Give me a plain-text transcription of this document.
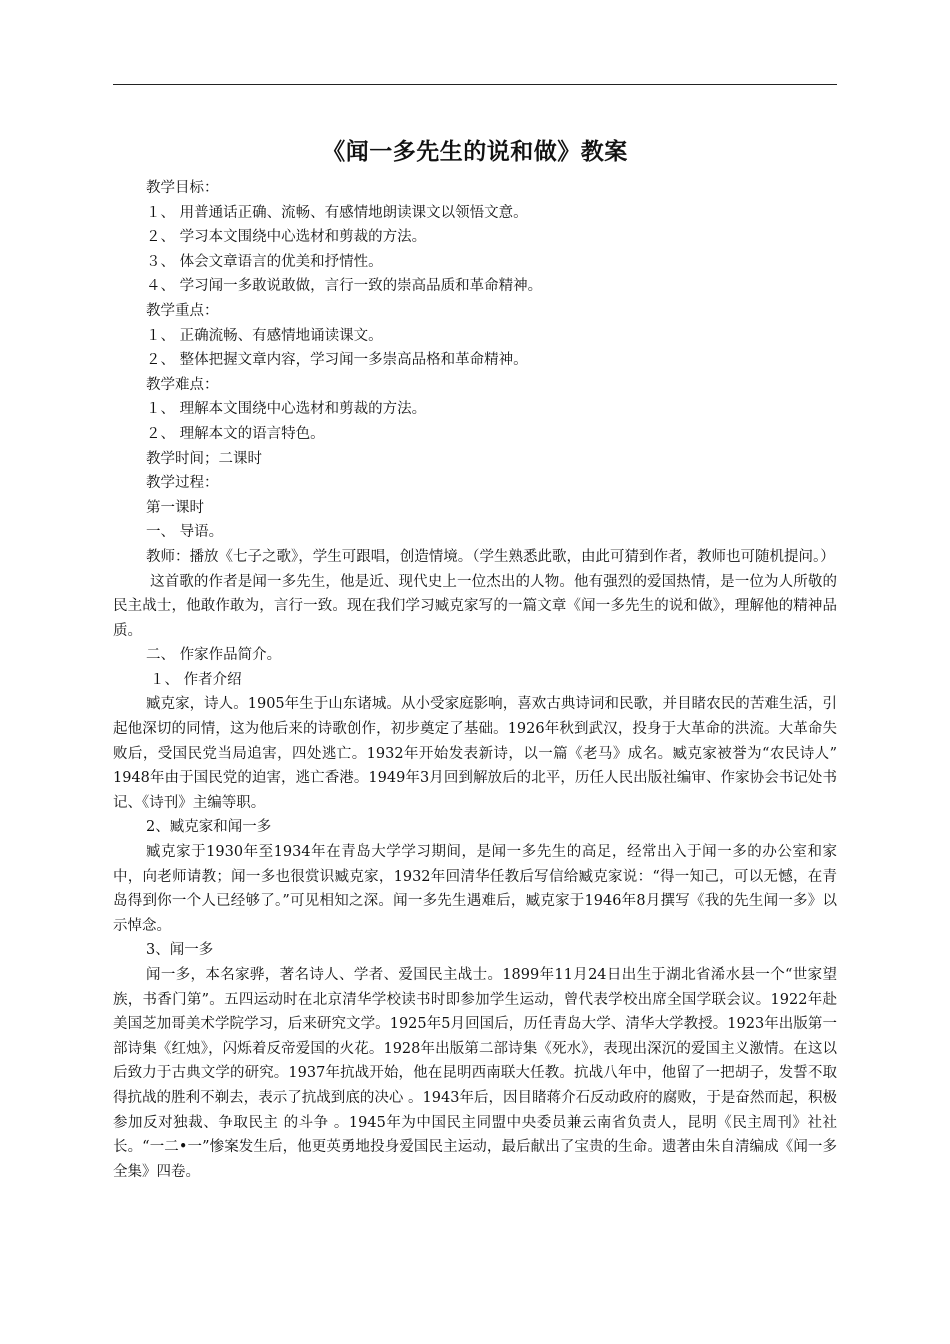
《闻一多先生的说和做》教案
教学目标：
１、 用普通话正确、流畅、有感情地朗读课文以领悟文意。
２、 学习本文围绕中心选材和剪裁的方法。
３、 体会文章语言的优美和抒情性。
４、 学习闻一多敢说敢做，言行一致的崇高品质和革命精神。
教学重点：
１、 正确流畅、有感情地诵读课文。
２、 整体把握文章内容，学习闻一多崇高品格和革命精神。
教学难点：
１、 理解本文围绕中心选材和剪裁的方法。
２、 理解本文的语言特色。
教学时间；二课时
教学过程：
第一课时
一、 导语。

教师：播放《七子之歌》，学生可跟唱，创造情境。（学生熟悉此歌，由此可猜到作者，教师也可随机提问。）

这首歌的作者是闻一多先生，他是近、现代史上一位杰出的人物。他有强烈的爱国热情，是一位为人所敬的民主战士，他敢作敢为，言行一致。现在我们学习臧克家写的一篇文章《闻一多先生的说和做》，理解他的精神品质。

二、 作家作品简介。
１、 作者介绍

臧克家，诗人。1905年生于山东诸城。从小受家庭影响，喜欢古典诗词和民歌，并目睹农民的苦难生活，引起他深切的同情，这为他后来的诗歌创作，初步奠定了基础。1926年秋到武汉，投身于大革命的洪流。大革命失败后，受国民党当局追害，四处逃亡。1932年开始发表新诗，以一篇《老马》成名。臧克家被誉为“农民诗人” 1948年由于国民党的迫害，逃亡香港。1949年3月回到解放后的北平，历任人民出版社编审、作家协会书记处书记、《诗刊》主编等职。

2、臧克家和闻一多

臧克家于1930年至1934年在青岛大学学习期间，是闻一多先生的高足，经常出入于闻一多的办公室和家中，向老师请教；闻一多也很赏识臧克家，1932年回清华任教后写信给臧克家说：“得一知己，可以无憾，在青岛得到你一个人已经够了。”可见相知之深。闻一多先生遇难后，臧克家于1946年8月撰写《我的先生闻一多》以示悼念。

3、闻一多

闻一多，本名家骅，著名诗人、学者、爱国民主战士。1899年11月24日出生于湖北省浠水县一个“世家望族，书香门第”。五四运动时在北京清华学校读书时即参加学生运动，曾代表学校出席全国学联会议。1922年赴美国芝加哥美术学院学习，后来研究文学。1925年5月回国后，历任青岛大学、清华大学教授。1923年出版第一部诗集《红烛》，闪烁着反帝爱国的火花。1928年出版第二部诗集《死水》，表现出深沉的爱国主义激情。在这以后致力于古典文学的研究。1937年抗战开始，他在昆明西南联大任教。抗战八年中，他留了一把胡子，发誓不取得抗战的胜利不剃去，表示了抗战到底的决心 。1943年后，因目睹蒋介石反动政府的腐败，于是奋然而起，积极参加反对独裁、争取民主 的斗争 。1945年为中国民主同盟中央委员兼云南省负责人，昆明《民主周刊》社社长。“一二•一”惨案发生后，他更英勇地投身爱国民主运动，最后献出了宝贵的生命。遗著由朱自清编成《闻一多全集》四卷。
